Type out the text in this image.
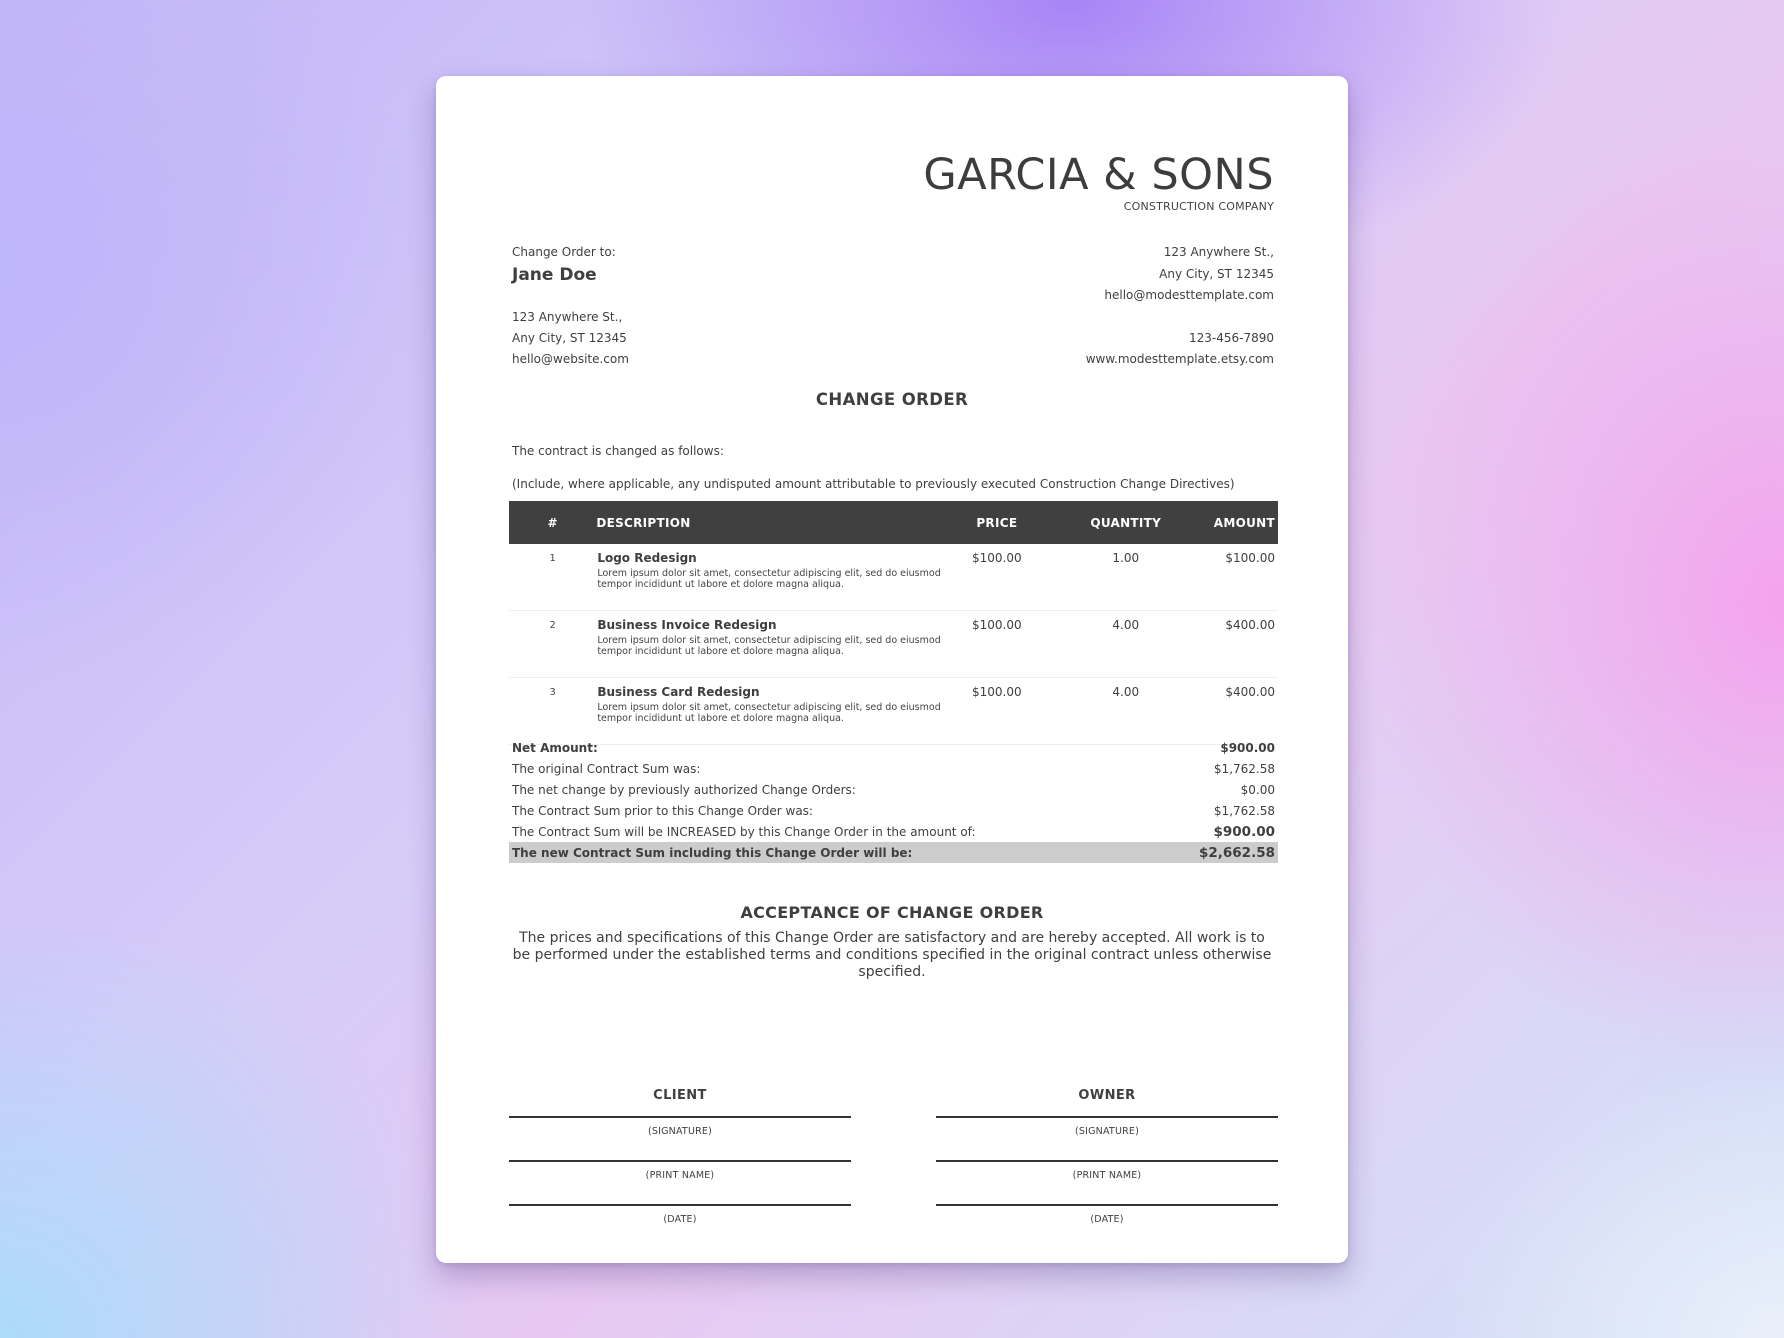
GARCIA & SONS
CONSTRUCTION COMPANY
Change Order to:
Jane Doe
123 Anywhere St.,
Any City, ST 12345
hello@website.com
123 Anywhere St.,
Any City, ST 12345
hello@modesttemplate.com
123-456-7890
www.modesttemplate.etsy.com
CHANGE ORDER
The contract is changed as follows:
(Include, where applicable, any undisputed amount attributable to previously executed Construction Change Directives)
#	DESCRIPTION	PRICE	QUANTITY	AMOUNT
1	Logo Redesign
Lorem ipsum dolor sit amet, consectetur adipiscing elit, sed do eiusmod tempor incididunt ut labore et dolore magna aliqua.	$100.00	1.00	$100.00
2	Business Invoice Redesign
Lorem ipsum dolor sit amet, consectetur adipiscing elit, sed do eiusmod tempor incididunt ut labore et dolore magna aliqua.	$100.00	4.00	$400.00
3	Business Card Redesign
Lorem ipsum dolor sit amet, consectetur adipiscing elit, sed do eiusmod tempor incididunt ut labore et dolore magna aliqua.	$100.00	4.00	$400.00
Net Amount:	$900.00
The original Contract Sum was:	$1,762.58
The net change by previously authorized Change Orders:	$0.00
The Contract Sum prior to this Change Order was:	$1,762.58
The Contract Sum will be INCREASED by this Change Order in the amount of:	$900.00
The new Contract Sum including this Change Order will be:	$2,662.58
ACCEPTANCE OF CHANGE ORDER
The prices and specifications of this Change Order are satisfactory and are hereby accepted. All work is to be performed under the established terms and conditions specified in the original contract unless otherwise specified.
CLIENT
(SIGNATURE)
(PRINT NAME)
(DATE)
OWNER
(SIGNATURE)
(PRINT NAME)
(DATE)
